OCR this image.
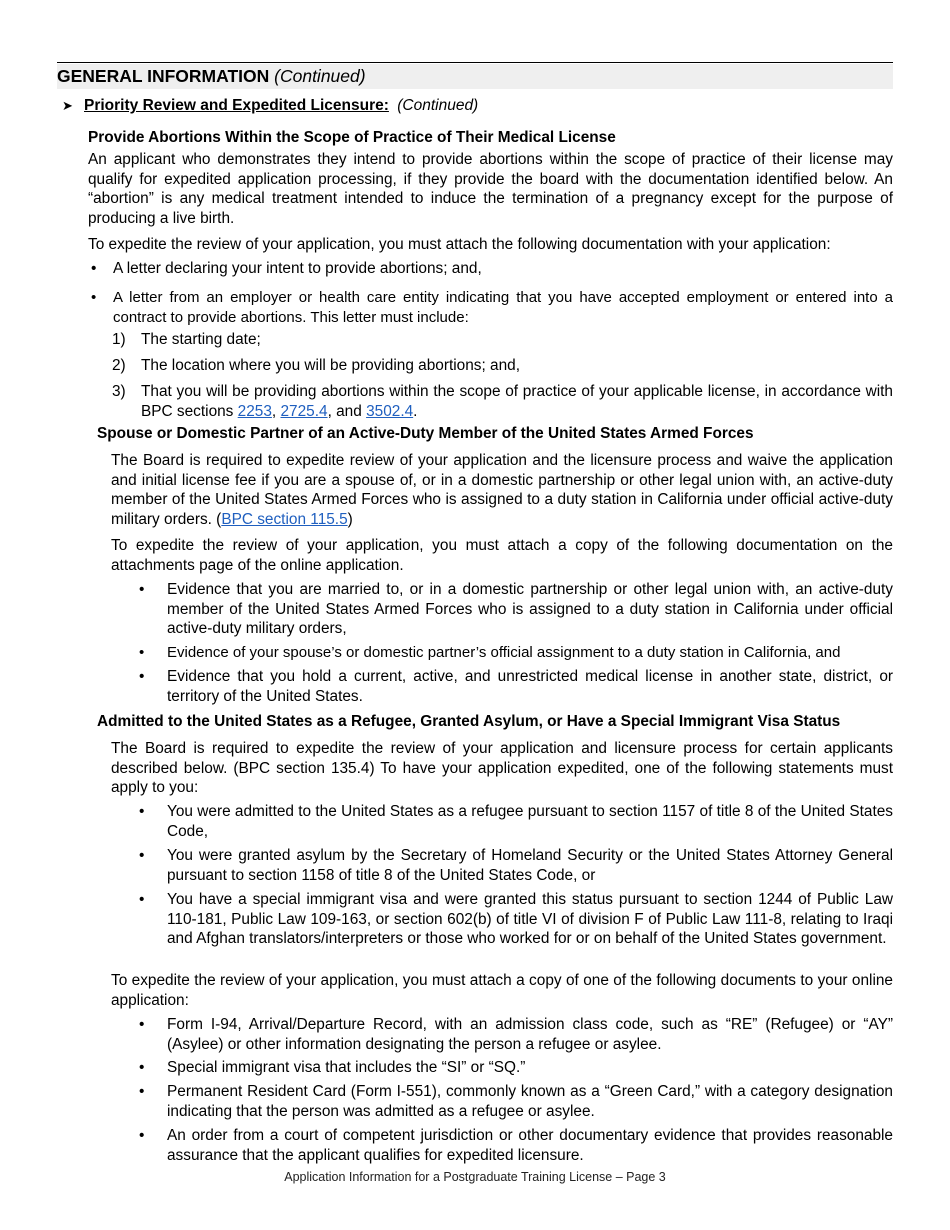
GENERAL INFORMATION (Continued)
➤ Priority Review and Expedited Licensure: (Continued)
Provide Abortions Within the Scope of Practice of Their Medical License
An applicant who demonstrates they intend to provide abortions within the scope of practice of their license may qualify for expedited application processing, if they provide the board with the documentation identified below. An “abortion” is any medical treatment intended to induce the termination of a pregnancy except for the purpose of producing a live birth.
To expedite the review of your application, you must attach the following documentation with your application:
• A letter declaring your intent to provide abortions; and,
• A letter from an employer or health care entity indicating that you have accepted employment or entered into a contract to provide abortions. This letter must include:
1) The starting date;
2) The location where you will be providing abortions; and,
3) That you will be providing abortions within the scope of practice of your applicable license, in accordance with BPC sections 2253, 2725.4, and 3502.4.
Spouse or Domestic Partner of an Active-Duty Member of the United States Armed Forces
The Board is required to expedite review of your application and the licensure process and waive the application and initial license fee if you are a spouse of, or in a domestic partnership or other legal union with, an active-duty member of the United States Armed Forces who is assigned to a duty station in California under official active-duty military orders. (BPC section 115.5)
To expedite the review of your application, you must attach a copy of the following documentation on the attachments page of the online application.
• Evidence that you are married to, or in a domestic partnership or other legal union with, an active-duty member of the United States Armed Forces who is assigned to a duty station in California under official active-duty military orders,
• Evidence of your spouse’s or domestic partner’s official assignment to a duty station in California, and
• Evidence that you hold a current, active, and unrestricted medical license in another state, district, or territory of the United States.
Admitted to the United States as a Refugee, Granted Asylum, or Have a Special Immigrant Visa Status
The Board is required to expedite the review of your application and licensure process for certain applicants described below. (BPC section 135.4) To have your application expedited, one of the following statements must apply to you:
• You were admitted to the United States as a refugee pursuant to section 1157 of title 8 of the United States Code,
• You were granted asylum by the Secretary of Homeland Security or the United States Attorney General pursuant to section 1158 of title 8 of the United States Code, or
• You have a special immigrant visa and were granted this status pursuant to section 1244 of Public Law 110-181, Public Law 109-163, or section 602(b) of title VI of division F of Public Law 111-8, relating to Iraqi and Afghan translators/interpreters or those who worked for or on behalf of the United States government.
To expedite the review of your application, you must attach a copy of one of the following documents to your online application:
• Form I-94, Arrival/Departure Record, with an admission class code, such as “RE” (Refugee) or “AY” (Asylee) or other information designating the person a refugee or asylee.
• Special immigrant visa that includes the “SI” or “SQ.”
• Permanent Resident Card (Form I-551), commonly known as a “Green Card,” with a category designation indicating that the person was admitted as a refugee or asylee.
• An order from a court of competent jurisdiction or other documentary evidence that provides reasonable assurance that the applicant qualifies for expedited licensure.
Application Information for a Postgraduate Training License – Page 3
